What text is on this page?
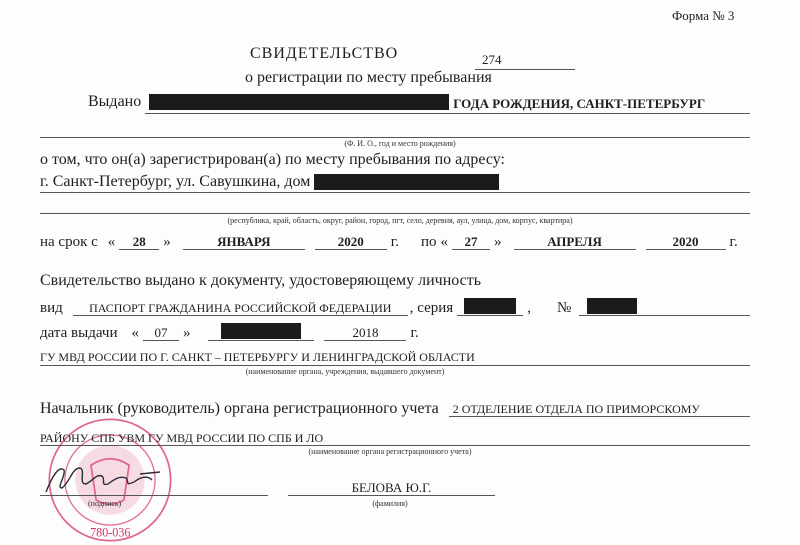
780-036
Форма № 3
СВИДЕТЕЛЬСТВО	274
о регистрации по месту пребывания
Выдано	ГОДА РОЖДЕНИЯ, САНКТ-ПЕТЕРБУРГ
(Ф. И. О., год и место рождения)
о том, что он(а) зарегистрирован(а) по месту пребывания по адресу:
г. Санкт-Петербург, ул. Савушкина, дом
(республика, край, область, округ, район, город, пгт, село, деревня, аул, улица, дом, корпус, квартира)
на срок с «	28	»	ЯНВАРЯ	2020	г. по «	27	»	АПРЕЛЯ	2020	г.
Свидетельство выдано к документу, удостоверяющему личность
вид	ПАСПОРТ ГРАЖДАНИНА РОССИЙСКОЙ ФЕДЕРАЦИИ	, серия	, №
дата выдачи «	07	»	2018	г.
ГУ МВД РОССИИ ПО Г. САНКТ – ПЕТЕРБУРГУ И ЛЕНИНГРАДСКОЙ ОБЛАСТИ
(наименование органа, учреждения, выдавшего документ)
Начальник (руководитель) органа регистрационного учета	2 ОТДЕЛЕНИЕ ОТДЕЛА ПО ПРИМОРСКОМУ
РАЙОНУ СПБ УВМ ГУ МВД РОССИИ ПО СПБ И ЛО
(наименование органа регистрационного учета)
(подпись)
БЕЛОВА Ю.Г.
(фамилия)
